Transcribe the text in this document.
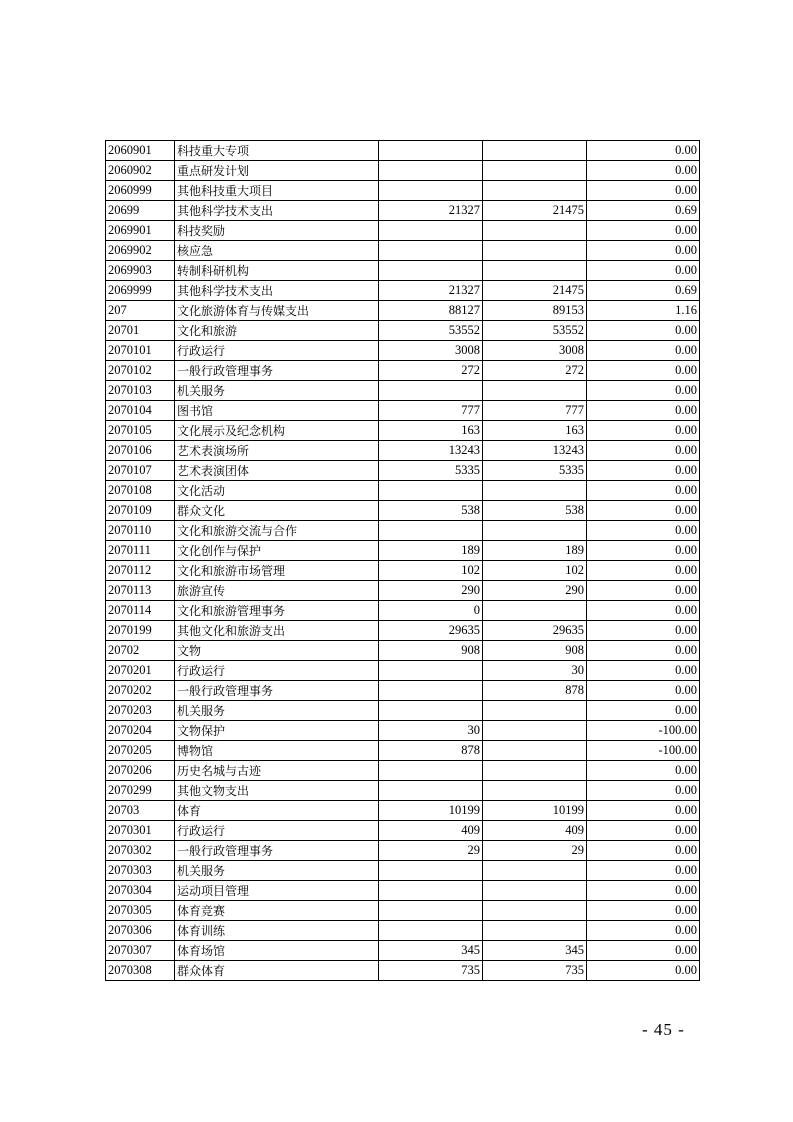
2060901	科技重大专项			0.00
2060902	重点研发计划			0.00
2060999	其他科技重大项目			0.00
20699	其他科学技术支出	21327	21475	0.69
2069901	科技奖励			0.00
2069902	核应急			0.00
2069903	转制科研机构			0.00
2069999	其他科学技术支出	21327	21475	0.69
207	文化旅游体育与传媒支出	88127	89153	1.16
20701	文化和旅游	53552	53552	0.00
2070101	行政运行	3008	3008	0.00
2070102	一般行政管理事务	272	272	0.00
2070103	机关服务			0.00
2070104	图书馆	777	777	0.00
2070105	文化展示及纪念机构	163	163	0.00
2070106	艺术表演场所	13243	13243	0.00
2070107	艺术表演团体	5335	5335	0.00
2070108	文化活动			0.00
2070109	群众文化	538	538	0.00
2070110	文化和旅游交流与合作			0.00
2070111	文化创作与保护	189	189	0.00
2070112	文化和旅游市场管理	102	102	0.00
2070113	旅游宣传	290	290	0.00
2070114	文化和旅游管理事务	0		0.00
2070199	其他文化和旅游支出	29635	29635	0.00
20702	文物	908	908	0.00
2070201	行政运行		30	0.00
2070202	一般行政管理事务		878	0.00
2070203	机关服务			0.00
2070204	文物保护	30		-100.00
2070205	博物馆	878		-100.00
2070206	历史名城与古迹			0.00
2070299	其他文物支出			0.00
20703	体育	10199	10199	0.00
2070301	行政运行	409	409	0.00
2070302	一般行政管理事务	29	29	0.00
2070303	机关服务			0.00
2070304	运动项目管理			0.00
2070305	体育竞赛			0.00
2070306	体育训练			0.00
2070307	体育场馆	345	345	0.00
2070308	群众体育	735	735	0.00
- 45 -
